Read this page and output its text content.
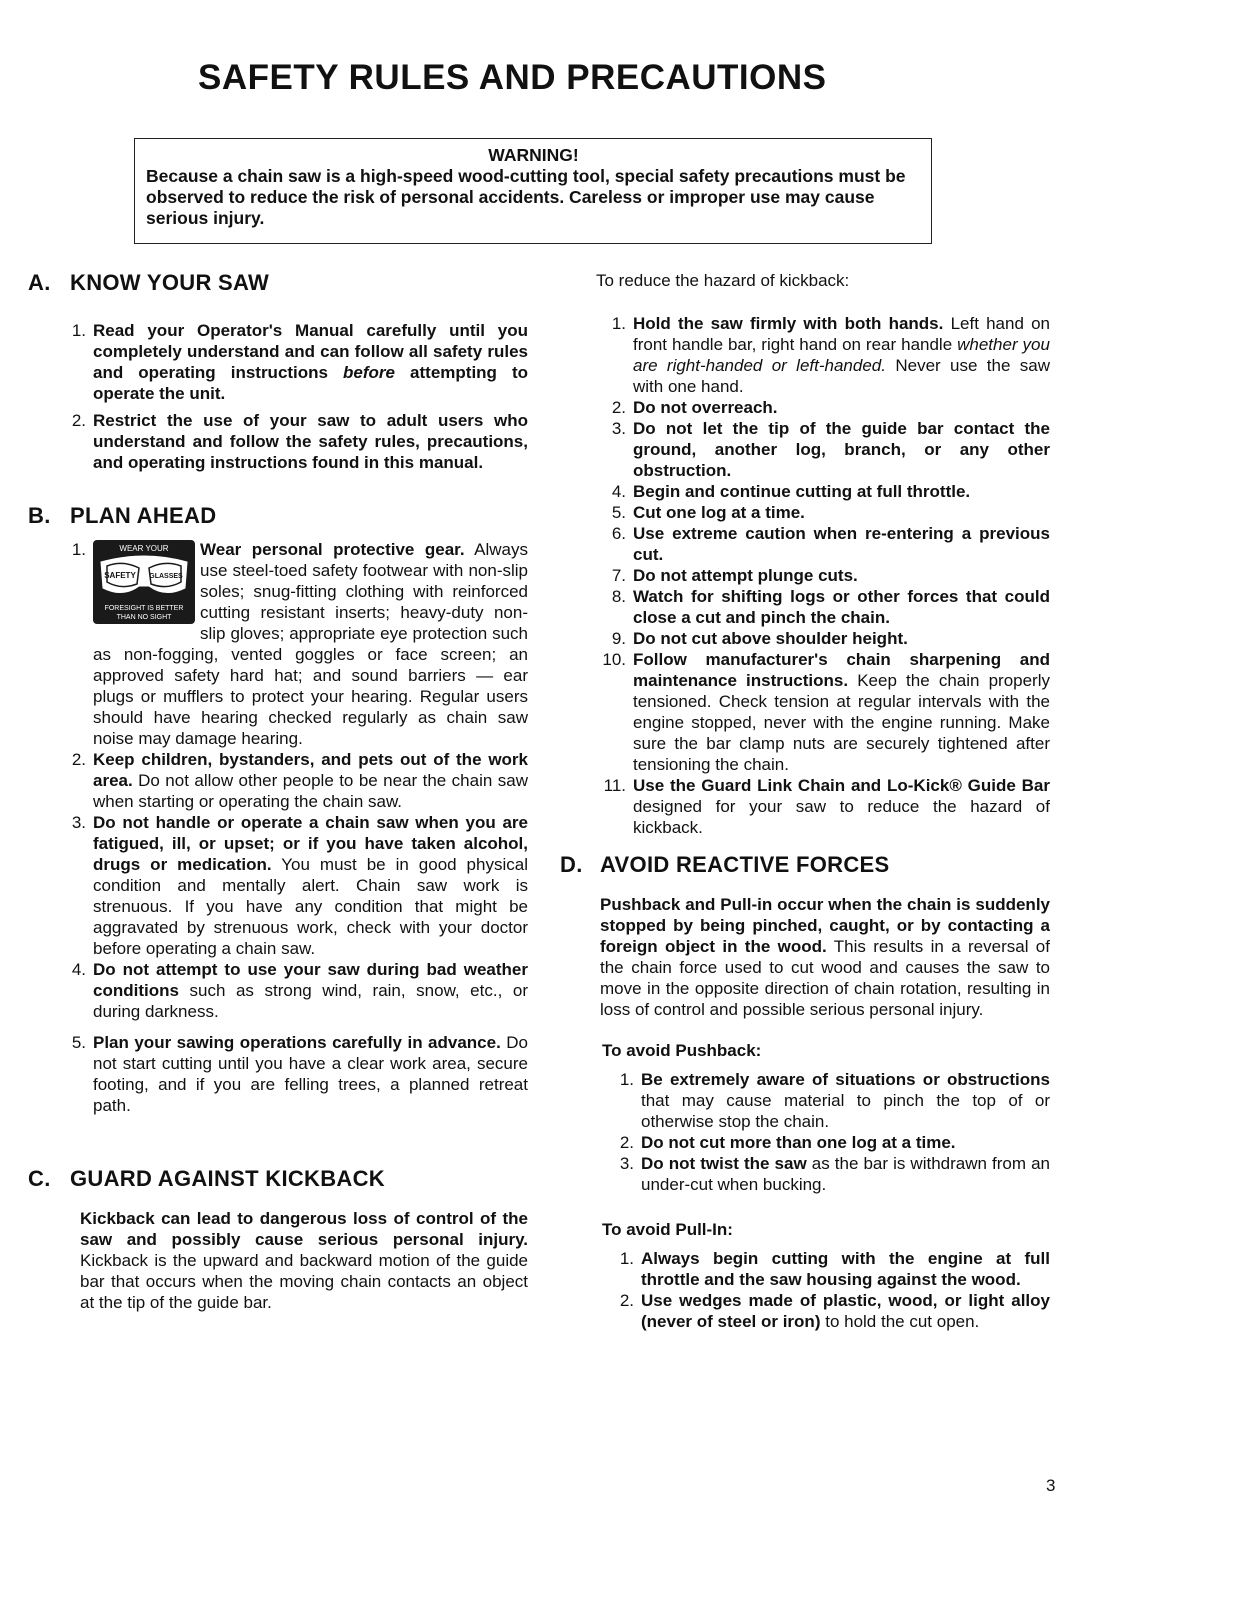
SAFETY RULES AND PRECAUTIONS
WARNING!
Because a chain saw is a high-speed wood-cutting tool, special safety precautions must be observed to reduce the risk of personal accidents. Careless or improper use may cause serious injury.
A. KNOW YOUR SAW
1. Read your Operator's Manual carefully until you completely understand and can follow all safety rules and operating instructions before attempting to operate the unit.
2. Restrict the use of your saw to adult users who understand and follow the safety rules, precautions, and operating instructions found in this manual.
B. PLAN AHEAD
1.	WEAR YOUR
SAFETY GLASSES
FORESIGHT IS BETTER
THAN NO SIGHT
Wear personal protective gear. Always use steel-toed safety footwear with non-slip soles; snug-fitting clothing with reinforced cutting resistant inserts; heavy-duty non-slip gloves; appropriate eye protection such as non-fogging, vented goggles or face screen; an approved safety hard hat; and sound barriers — ear plugs or mufflers to protect your hearing. Regular users should have hearing checked regularly as chain saw noise may damage hearing.
2. Keep children, bystanders, and pets out of the work area. Do not allow other people to be near the chain saw when starting or operating the chain saw.
3. Do not handle or operate a chain saw when you are fatigued, ill, or upset; or if you have taken alcohol, drugs or medication. You must be in good physical condition and mentally alert. Chain saw work is strenuous. If you have any condition that might be aggravated by strenuous work, check with your doctor before operating a chain saw.
4. Do not attempt to use your saw during bad weather conditions such as strong wind, rain, snow, etc., or during darkness.
5. Plan your sawing operations carefully in advance. Do not start cutting until you have a clear work area, secure footing, and if you are felling trees, a planned retreat path.
C. GUARD AGAINST KICKBACK
Kickback can lead to dangerous loss of control of the saw and possibly cause serious personal injury. Kickback is the upward and backward motion of the guide bar that occurs when the moving chain contacts an object at the tip of the guide bar.
To reduce the hazard of kickback:
1. Hold the saw firmly with both hands. Left hand on front handle bar, right hand on rear handle whether you are right-handed or left-handed. Never use the saw with one hand.
2. Do not overreach.
3. Do not let the tip of the guide bar contact the ground, another log, branch, or any other obstruction.
4. Begin and continue cutting at full throttle.
5. Cut one log at a time.
6. Use extreme caution when re-entering a previous cut.
7. Do not attempt plunge cuts.
8. Watch for shifting logs or other forces that could close a cut and pinch the chain.
9. Do not cut above shoulder height.
10. Follow manufacturer's chain sharpening and maintenance instructions. Keep the chain properly tensioned. Check tension at regular intervals with the engine stopped, never with the engine running. Make sure the bar clamp nuts are securely tightened after tensioning the chain.
11. Use the Guard Link Chain and Lo-Kick® Guide Bar designed for your saw to reduce the hazard of kickback.
D. AVOID REACTIVE FORCES
Pushback and Pull-in occur when the chain is suddenly stopped by being pinched, caught, or by contacting a foreign object in the wood. This results in a reversal of the chain force used to cut wood and causes the saw to move in the opposite direction of chain rotation, resulting in loss of control and possible serious personal injury.
To avoid Pushback:
1. Be extremely aware of situations or obstructions that may cause material to pinch the top of or otherwise stop the chain.
2. Do not cut more than one log at a time.
3. Do not twist the saw as the bar is withdrawn from an under-cut when bucking.
To avoid Pull-In:
1. Always begin cutting with the engine at full throttle and the saw housing against the wood.
2. Use wedges made of plastic, wood, or light alloy (never of steel or iron) to hold the cut open.
3
